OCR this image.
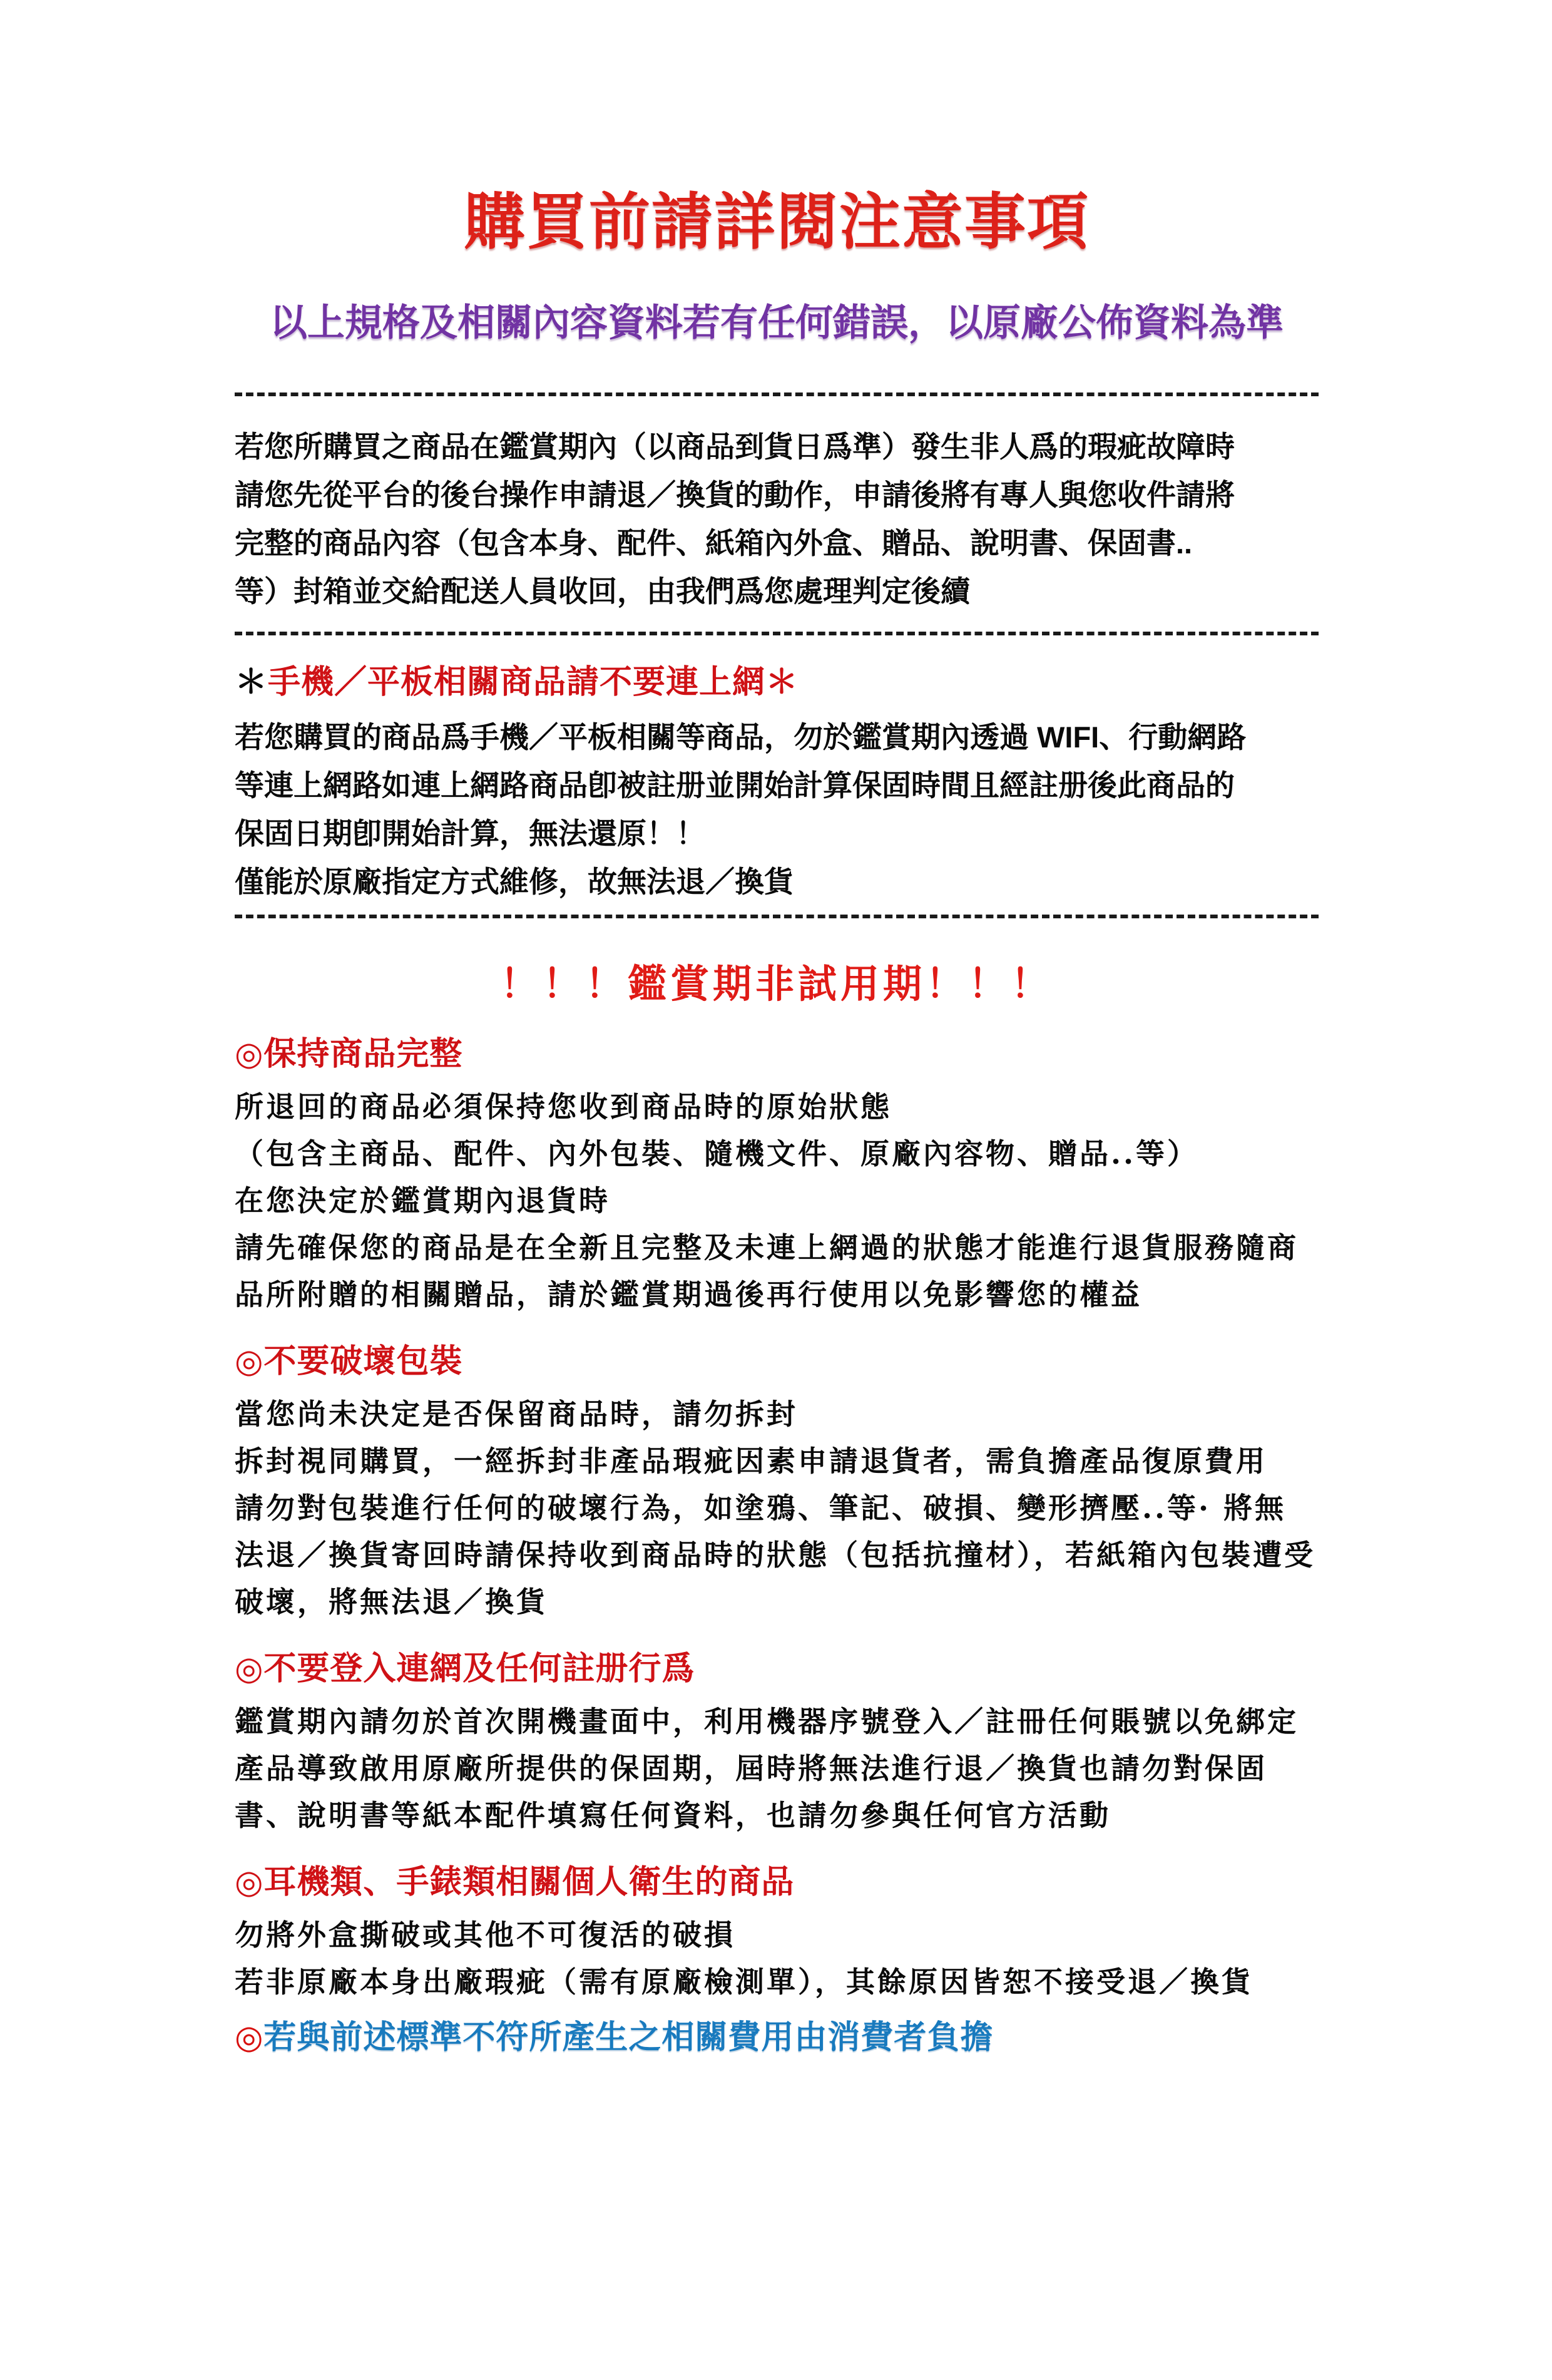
購買前請詳閱注意事項
以上規格及相關內容資料若有任何錯誤，以原廠公佈資料為準
若您所購買之商品在鑑賞期內（以商品到貨日爲準）發生非人爲的瑕疵故障時
請您先從平台的後台操作申請退／換貨的動作，申請後將有專人與您收件請將
完整的商品內容（包含本身、配件、紙箱內外盒、贈品、說明書、保固書..
等）封箱並交給配送人員收回，由我們爲您處理判定後續
＊手機／平板相關商品請不要連上網＊
若您購買的商品爲手機／平板相關等商品，勿於鑑賞期內透過 WIFI、行動網路
等連上網路如連上網路商品卽被註册並開始計算保固時間且經註册後此商品的
保固日期卽開始計算，無法還原！！
僅能於原廠指定方式維修，故無法退／換貨
！！！鑑賞期非試用期！！！
◎保持商品完整
所退回的商品必須保持您收到商品時的原始狀態
（包含主商品、配件、內外包裝、隨機文件、原廠內容物、贈品..等）
在您決定於鑑賞期內退貨時
請先確保您的商品是在全新且完整及未連上網過的狀態才能進行退貨服務隨商
品所附贈的相關贈品，請於鑑賞期過後再行使用以免影響您的權益
◎不要破壞包裝
當您尚未決定是否保留商品時，請勿拆封
拆封視同購買，一經拆封非產品瑕疵因素申請退貨者，需負擔產品復原費用
請勿對包裝進行任何的破壞行為，如塗鴉、筆記、破損、變形擠壓..等· 將無
法退／換貨寄回時請保持收到商品時的狀態（包括抗撞材），若紙箱內包裝遭受
破壞，將無法退／換貨
◎不要登入連網及任何註册行爲
鑑賞期內請勿於首次開機畫面中，利用機器序號登入／註冊任何賬號以免綁定
產品導致啟用原廠所提供的保固期，屆時將無法進行退／換貨也請勿對保固
書、說明書等紙本配件填寫任何資料，也請勿參與任何官方活動
◎耳機類、手錶類相關個人衛生的商品
勿將外盒撕破或其他不可復活的破損
若非原廠本身出廠瑕疵（需有原廠檢測單），其餘原因皆恕不接受退／換貨
◎若與前述標準不符所產生之相關費用由消費者負擔
